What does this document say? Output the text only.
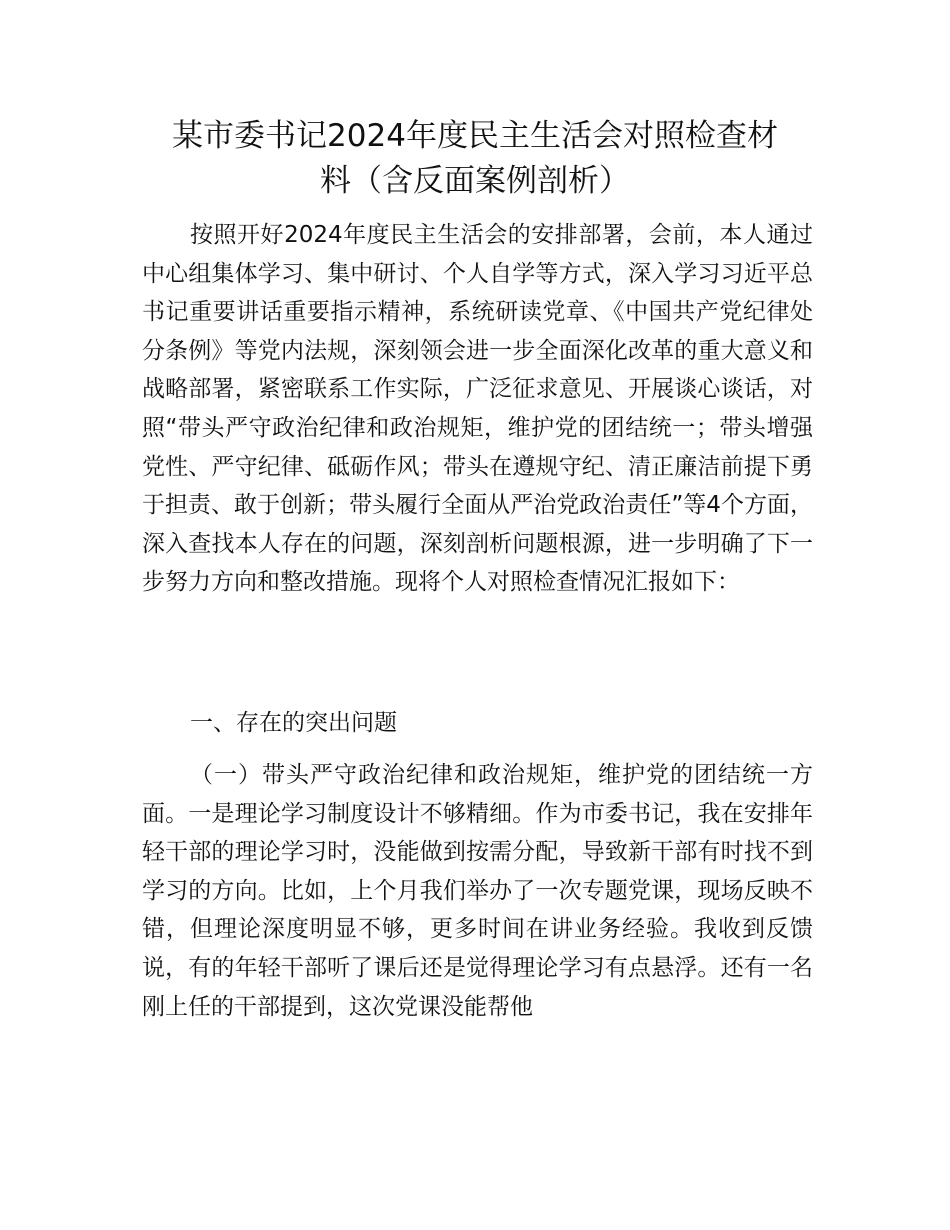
某市委书记2024年度民主生活会对照检查材
料（含反面案例剖析）

按照开好2024年度民主生活会的安排部署，会前，本人通过中心组集体学习、集中研讨、个人自学等方式，深入学习习近平总书记重要讲话重要指示精神，系统研读党章、《中国共产党纪律处分条例》等党内法规，深刻领会进一步全面深化改革的重大意义和战略部署，紧密联系工作实际，广泛征求意见、开展谈心谈话，对照“带头严守政治纪律和政治规矩，维护党的团结统一；带头增强党性、严守纪律、砥砺作风；带头在遵规守纪、清正廉洁前提下勇于担责、敢于创新；带头履行全面从严治党政治责任”等4个方面，深入查找本人存在的问题，深刻剖析问题根源，进一步明确了下一步努力方向和整改措施。现将个人对照检查情况汇报如下：

一、存在的突出问题

（一）带头严守政治纪律和政治规矩，维护党的团结统一方面。一是理论学习制度设计不够精细。作为市委书记，我在安排年轻干部的理论学习时，没能做到按需分配，导致新干部有时找不到学习的方向。比如，上个月我们举办了一次专题党课，现场反映不错，但理论深度明显不够，更多时间在讲业务经验。我收到反馈说，有的年轻干部听了课后还是觉得理论学习有点悬浮。还有一名刚上任的干部提到，这次党课没能帮他
